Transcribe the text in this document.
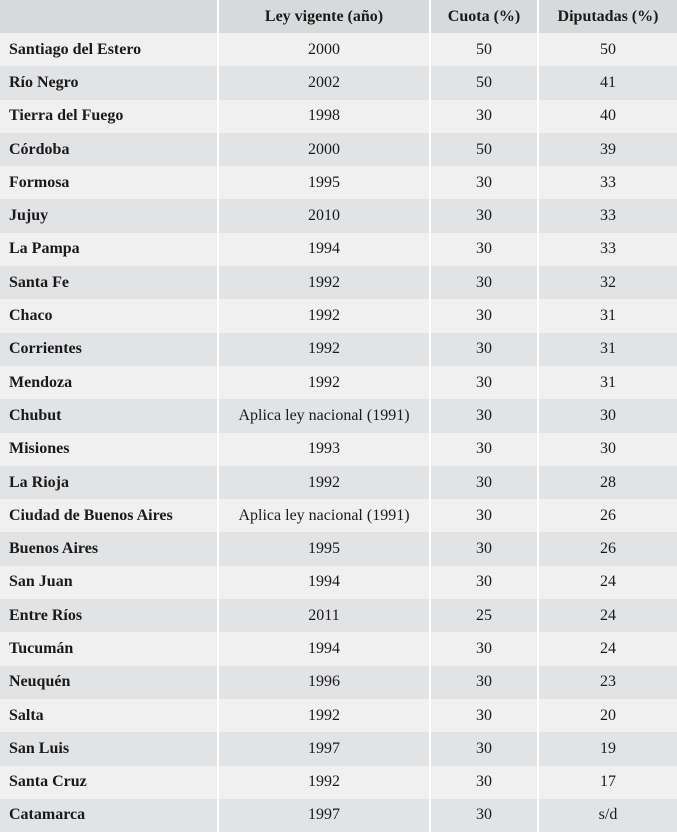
	Ley vigente (año)	Cuota (%)	Diputadas (%)
Santiago del Estero	2000	50	50
Río Negro	2002	50	41
Tierra del Fuego	1998	30	40
Córdoba	2000	50	39
Formosa	1995	30	33
Jujuy	2010	30	33
La Pampa	1994	30	33
Santa Fe	1992	30	32
Chaco	1992	30	31
Corrientes	1992	30	31
Mendoza	1992	30	31
Chubut	Aplica ley nacional (1991)	30	30
Misiones	1993	30	30
La Rioja	1992	30	28
Ciudad de Buenos Aires	Aplica ley nacional (1991)	30	26
Buenos Aires	1995	30	26
San Juan	1994	30	24
Entre Ríos	2011	25	24
Tucumán	1994	30	24
Neuquén	1996	30	23
Salta	1992	30	20
San Luis	1997	30	19
Santa Cruz	1992	30	17
Catamarca	1997	30	s/d
